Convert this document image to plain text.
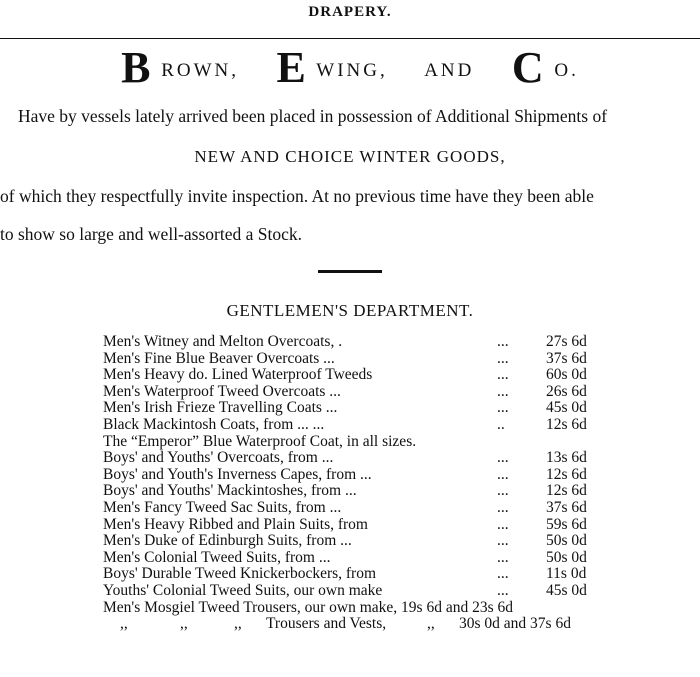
DRAPERY.
B ROWN, E WING, AND C O.
Have by vessels lately arrived been placed in possession of Additional Shipments of
NEW AND CHOICE WINTER GOODS,
of which they respectfully invite inspection. At no previous time have they been able
to show so large and well-assorted a Stock.
GENTLEMEN'S DEPARTMENT.
Men's Witney and Melton Overcoats, .	... 27s 6d
Men's Fine Blue Beaver Overcoats ...	... 37s 6d
Men's Heavy do. Lined Waterproof Tweeds	... 60s 0d
Men's Waterproof Tweed Overcoats ...	... 26s 6d
Men's Irish Frieze Travelling Coats ...	... 45s 0d
Black Mackintosh Coats, from ... ...	..	12s 6d
The “Emperor” Blue Waterproof Coat, in all sizes.
Boys' and Youths' Overcoats, from ...	... 13s 6d
Boys' and Youth's Inverness Capes, from ...	... 12s 6d
Boys' and Youths' Mackintoshes, from ...	... 12s 6d
Men's Fancy Tweed Sac Suits, from ...	... 37s 6d
Men's Heavy Ribbed and Plain Suits, from	... 59s 6d
Men's Duke of Edinburgh Suits, from ...	... 50s 0d
Men's Colonial Tweed Suits, from ...	... 50s 0d
Boys' Durable Tweed Knickerbockers, from	... 11s 0d
Youths' Colonial Tweed Suits, our own make	... 45s 0d
Men's Mosgiel Tweed Trousers, our own make, 19s 6d and 23s 6d
,,	,,	,, Trousers and Vests,	,, 30s 0d and 37s 6d
